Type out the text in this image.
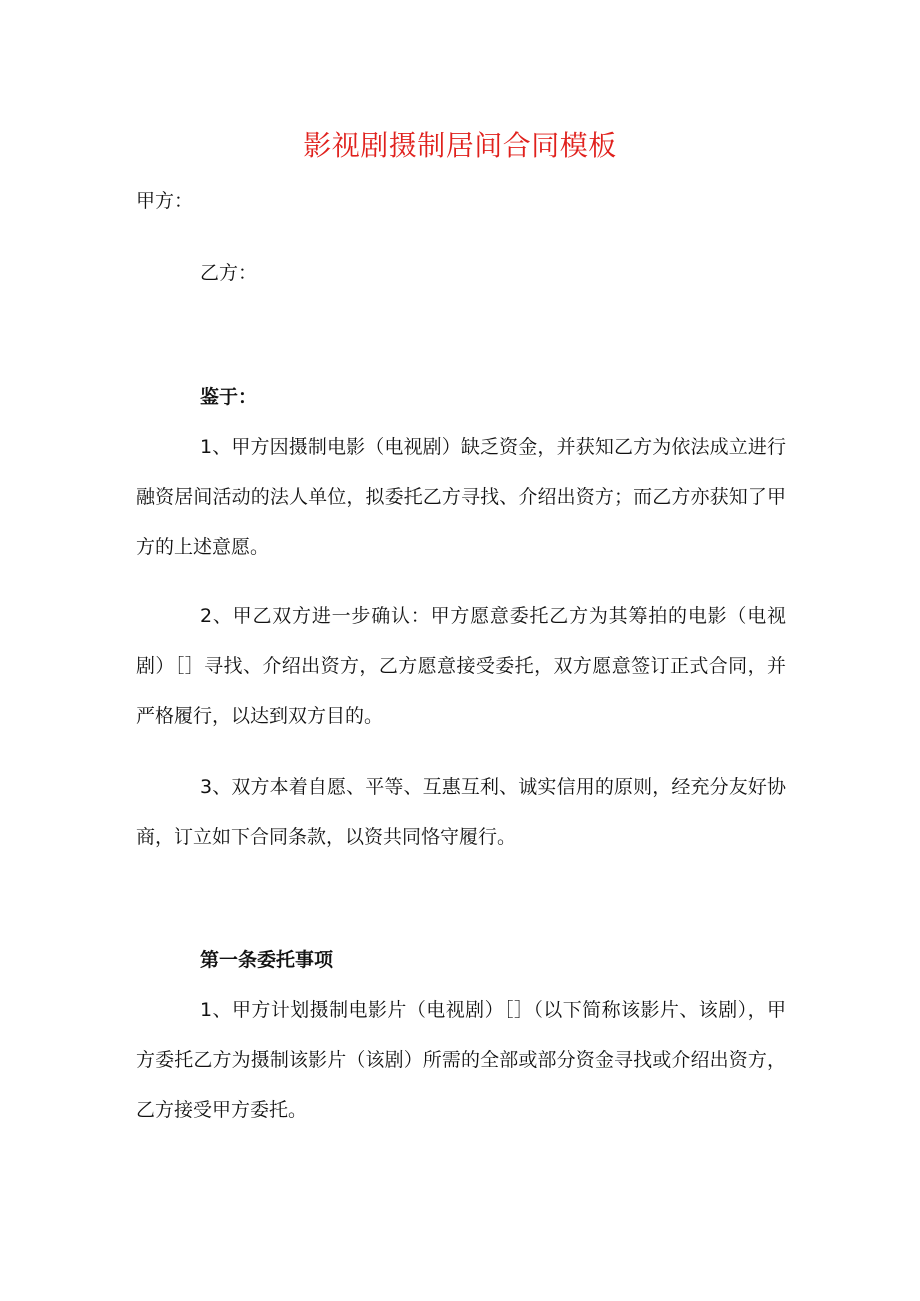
影视剧摄制居间合同模板
甲方：
乙方：
鉴于：
1、甲方因摄制电影（电视剧）缺乏资金，并获知乙方为依法成立进行融资居间活动的法人单位，拟委托乙方寻找、介绍出资方；而乙方亦获知了甲方的上述意愿。
2、甲乙双方进一步确认：甲方愿意委托乙方为其筹拍的电影（电视剧）［］寻找、介绍出资方，乙方愿意接受委托，双方愿意签订正式合同，并严格履行，以达到双方目的。
3、双方本着自愿、平等、互惠互利、诚实信用的原则，经充分友好协商，订立如下合同条款，以资共同恪守履行。
第一条委托事项
1、甲方计划摄制电影片（电视剧）［］（以下简称该影片、该剧），甲方委托乙方为摄制该影片（该剧）所需的全部或部分资金寻找或介绍出资方，乙方接受甲方委托。
